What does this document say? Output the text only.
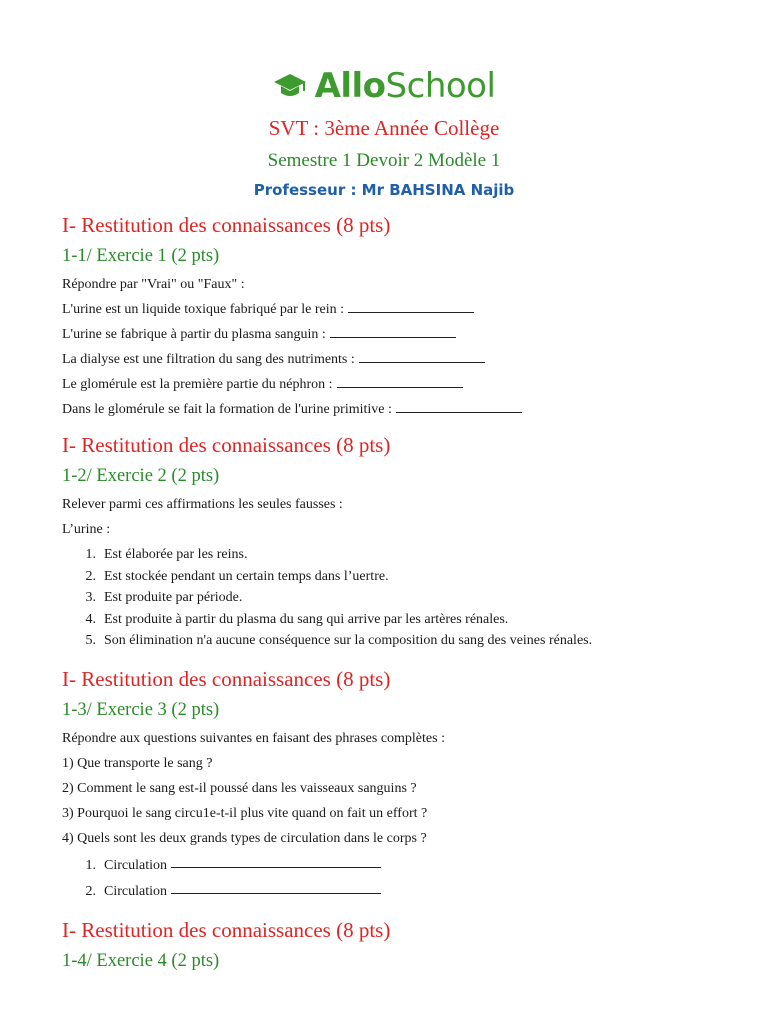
AlloSchool
SVT : 3ème Année Collège
Semestre 1 Devoir 2 Modèle 1
Professeur : Mr BAHSINA Najib

I- Restitution des connaissances (8 pts)

1-1/ Exercie 1 (2 pts)

Répondre par "Vrai" ou "Faux" :

L'urine est un liquide toxique fabriqué par le rein :

L'urine se fabrique à partir du plasma sanguin :

La dialyse est une filtration du sang des nutriments :

Le glomérule est la première partie du néphron :

Dans le glomérule se fait la formation de l'urine primitive :

I- Restitution des connaissances (8 pts)

1-2/ Exercie 2 (2 pts)

Relever parmi ces affirmations les seules fausses :

L’urine :

1. Est élaborée par les reins.
2. Est stockée pendant un certain temps dans l’uertre.
3. Est produite par période.
4. Est produite à partir du plasma du sang qui arrive par les artères rénales.
5. Son élimination n'a aucune conséquence sur la composition du sang des veines rénales.

I- Restitution des connaissances (8 pts)

1-3/ Exercie 3 (2 pts)

Répondre aux questions suivantes en faisant des phrases complètes :

1) Que transporte le sang ?

2) Comment le sang est-il poussé dans les vaisseaux sanguins ?

3) Pourquoi le sang circu1e-t-il plus vite quand on fait un effort ?

4) Quels sont les deux grands types de circulation dans le corps ?

1. Circulation
2. Circulation

I- Restitution des connaissances (8 pts)

1-4/ Exercie 4 (2 pts)
